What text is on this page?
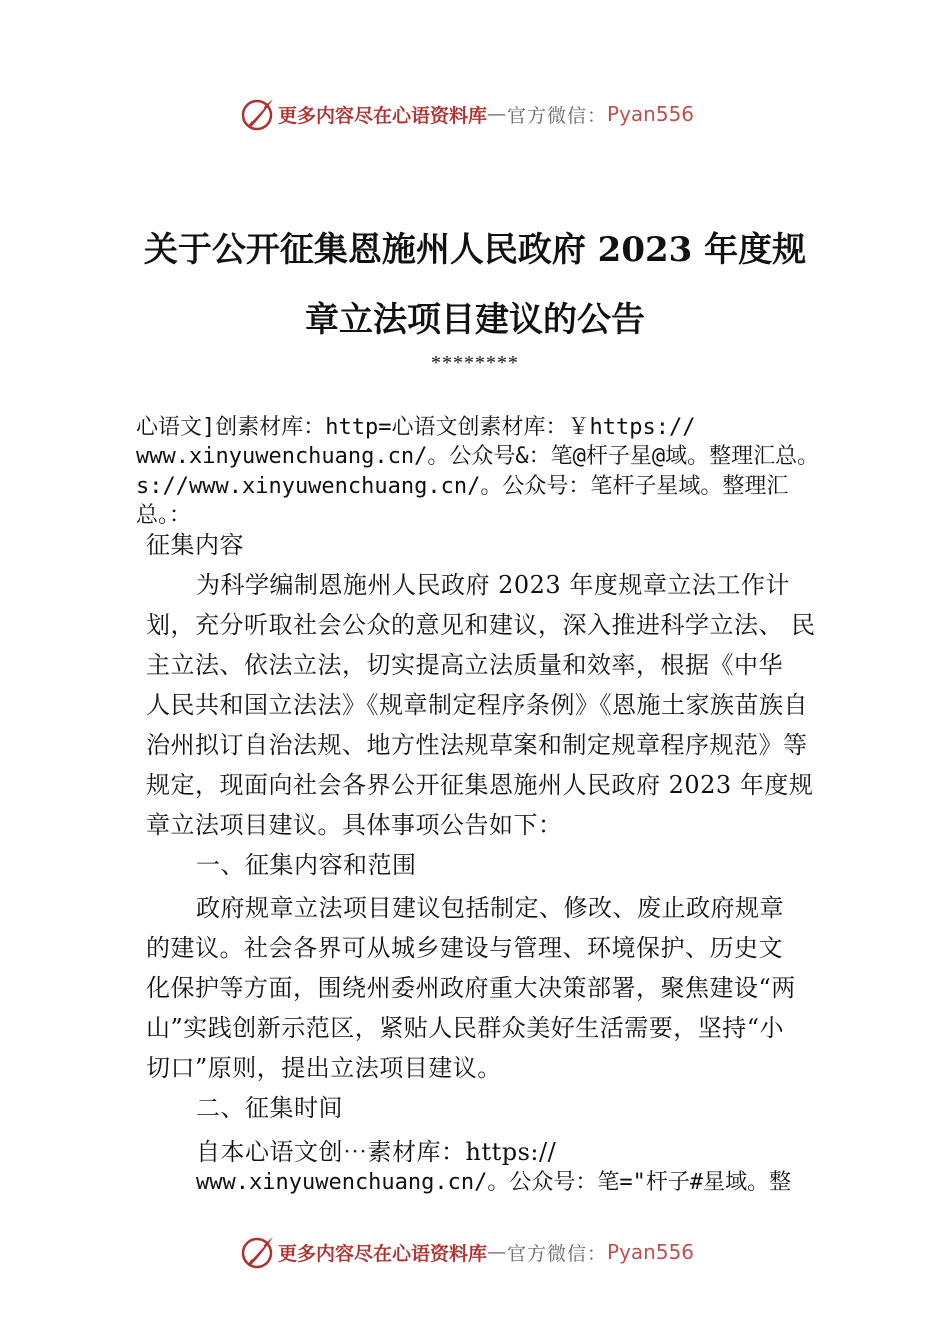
更多内容尽在心语资料库 — 官方微信： Pyan556
关于公开征集恩施州人民政府 2023 年度规
章立法项目建议的公告
********
心语文]创素材库：http=心语文创素材库：￥https://
www.xinyuwenchuang.cn/。公众号&：笔@杆子星@域。整理汇总。
s://www.xinyuwenchuang.cn/。公众号：笔杆子星域。整理汇
总。：
征集内容
为科学编制恩施州人民政府 2023 年度规章立法工作计
划，充分听取社会公众的意见和建议，深入推进科学立法、 民
主立法、依法立法，切实提高立法质量和效率，根据《中华
人民共和国立法法》《规章制定程序条例》《恩施土家族苗族自
治州拟订自治法规、地方性法规草案和制定规章程序规范》等
规定，现面向社会各界公开征集恩施州人民政府 2023 年度规
章立法项目建议。具体事项公告如下：
一、征集内容和范围
政府规章立法项目建议包括制定、修改、废止政府规章
的建议。社会各界可从城乡建设与管理、环境保护、历史文
化保护等方面，围绕州委州政府重大决策部署，聚焦建设“两
山”实践创新示范区，紧贴人民群众美好生活需要，坚持“小
切口”原则，提出立法项目建议。
二、征集时间
自本心语文创⋯素材库：https://
www.xinyuwenchuang.cn/。公众号：笔="杆子#星域。整
更多内容尽在心语资料库 — 官方微信： Pyan556
